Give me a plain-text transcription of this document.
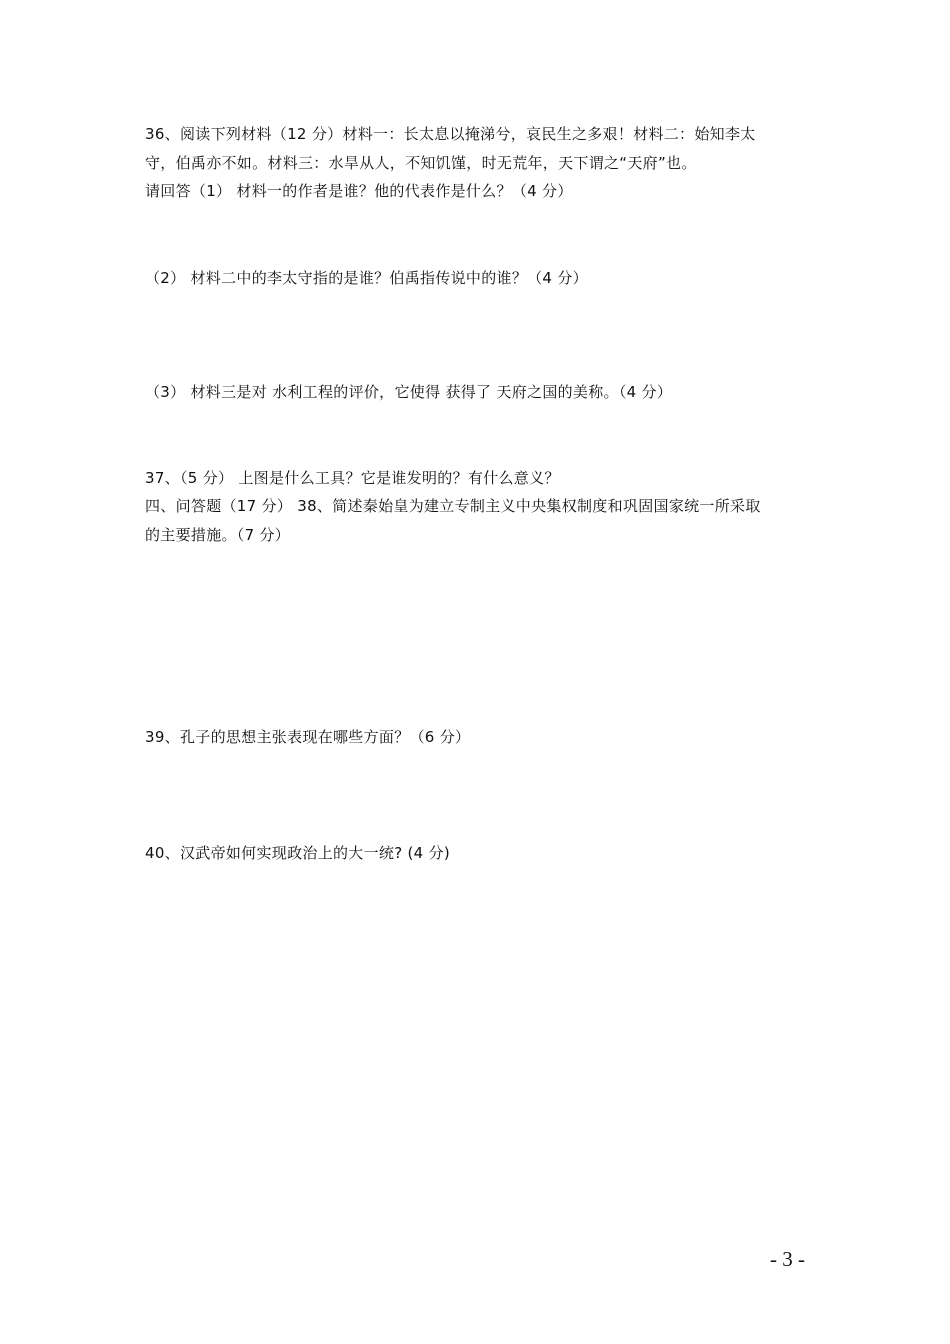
36、阅读下列材料（12 分）材料一：长太息以掩涕兮，哀民生之多艰！材料二：始知李太
守，伯禹亦不如。材料三：水旱从人，不知饥馑，时无荒年，天下谓之“天府”也。
请回答（1） 材料一的作者是谁？他的代表作是什么？（4 分）
（2） 材料二中的李太守指的是谁？伯禹指传说中的谁？（4 分）
（3） 材料三是对 水利工程的评价，它使得 获得了 天府之国的美称。（4 分）
37、（5 分） 上图是什么工具？它是谁发明的？有什么意义？
四、问答题（17 分） 38、简述秦始皇为建立专制主义中央集权制度和巩固国家统一所采取
的主要措施。（7 分）
39、孔子的思想主张表现在哪些方面？（6 分）
40、汉武帝如何实现政治上的大一统? (4 分)
- 3 -
